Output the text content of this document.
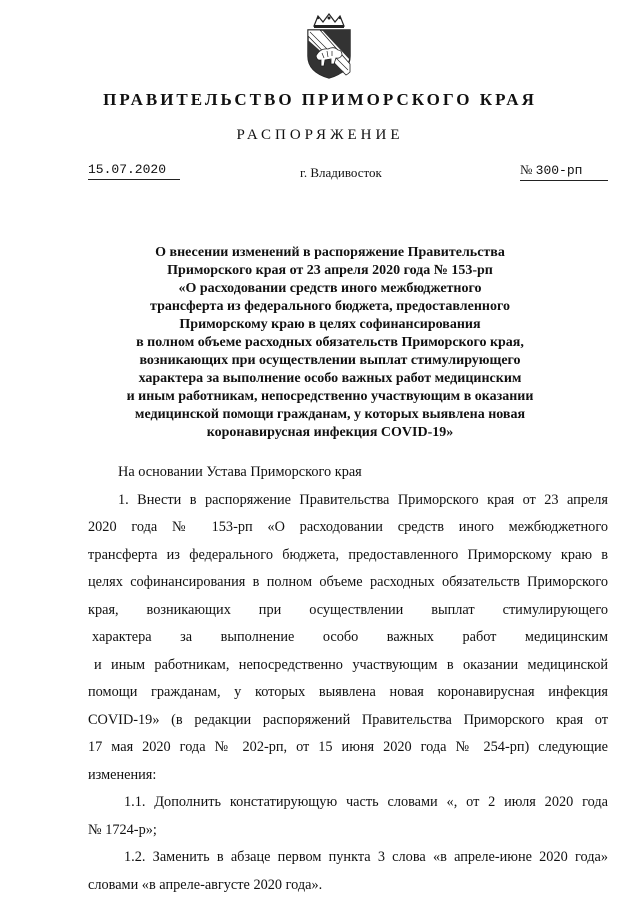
ПРАВИТЕЛЬСТВО ПРИМОРСКОГО КРАЯ
РАСПОРЯЖЕНИЕ
15.07.2020	г. Владивосток	№ 300-рп
О внесении изменений в распоряжение Правительства
Приморского края от 23 апреля 2020 года № 153-рп
«О расходовании средств иного межбюджетного
трансферта из федерального бюджета, предоставленного
Приморскому краю в целях софинансирования
в полном объеме расходных обязательств Приморского края,
возникающих при осуществлении выплат стимулирующего
характера за выполнение особо важных работ медицинским
и иным работникам, непосредственно участвующим в оказании
медицинской помощи гражданам, у которых выявлена новая
коронавирусная инфекция COVID-19»
На основании Устава Приморского края
1. Внести в распоряжение Правительства Приморского края от 23 апреля
2020 года № 153-рп «О расходовании средств иного межбюджетного
трансферта из федерального бюджета, предоставленного Приморскому краю в
целях софинансирования в полном объеме расходных обязательств Приморского
края, возникающих при осуществлении выплат стимулирующего
характера за выполнение особо важных работ медицинским
и иным работникам, непосредственно участвующим в оказании медицинской
помощи гражданам, у которых выявлена новая коронавирусная инфекция
COVID-19» (в редакции распоряжений Правительства Приморского края от
17 мая 2020 года № 202-рп, от 15 июня 2020 года № 254-рп) следующие
изменения:
1.1. Дополнить констатирующую часть словами «, от 2 июля 2020 года
№ 1724-р»;
1.2. Заменить в абзаце первом пункта 3 слова «в апреле-июне 2020 года»
словами «в апреле-августе 2020 года».
